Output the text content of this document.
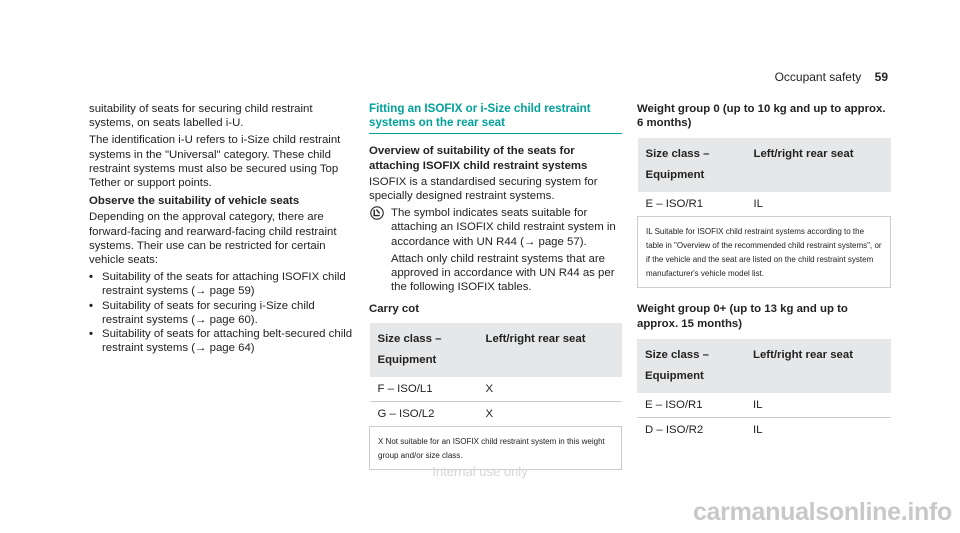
Occupant safety 59

suitability of seats for securing child restraint systems, on seats labelled i-U.

The identification i-U refers to i-Size child restraint systems in the "Universal" category. These child restraint systems must also be secured using Top Tether or support points.

Observe the suitability of vehicle seats

Depending on the approval category, there are forward-facing and rearward-facing child restraint systems. Their use can be restricted for certain vehicle seats:

• Suitability of the seats for attaching ISOFIX child restraint systems (→ page 59)
• Suitability of seats for securing i-Size child restraint systems (→ page 60).
• Suitability of seats for attaching belt-secured child restraint systems (→ page 64)

Fitting an ISOFIX or i-Size child restraint systems on the rear seat

Overview of suitability of the seats for attaching ISOFIX child restraint systems

ISOFIX is a standardised securing system for specially designed restraint systems.

The symbol indicates seats suitable for attaching an ISOFIX child restraint system in accordance with UN R44 (→ page 57).

Attach only child restraint systems that are approved in accordance with UN R44 as per the following ISOFIX tables.

Carry cot

Size class – Equipment	Left/right rear seat
F – ISO/L1	X
G – ISO/L2	X
X Not suitable for an ISOFIX child restraint system in this weight group and/or size class.	

Weight group 0 (up to 10 kg and up to approx. 6 months)

Size class – Equipment	Left/right rear seat
E – ISO/R1	IL
IL Suitable for ISOFIX child restraint systems according to the table in "Overview of the recommended child restraint systems", or if the vehicle and the seat are listed on the child restraint system manufacturer's vehicle model list.	

Weight group 0+ (up to 13 kg and up to approx. 15 months)

Size class – Equipment	Left/right rear seat
E – ISO/R1	IL
D – ISO/R2	IL
Internal use only
carmanualsonline.info
